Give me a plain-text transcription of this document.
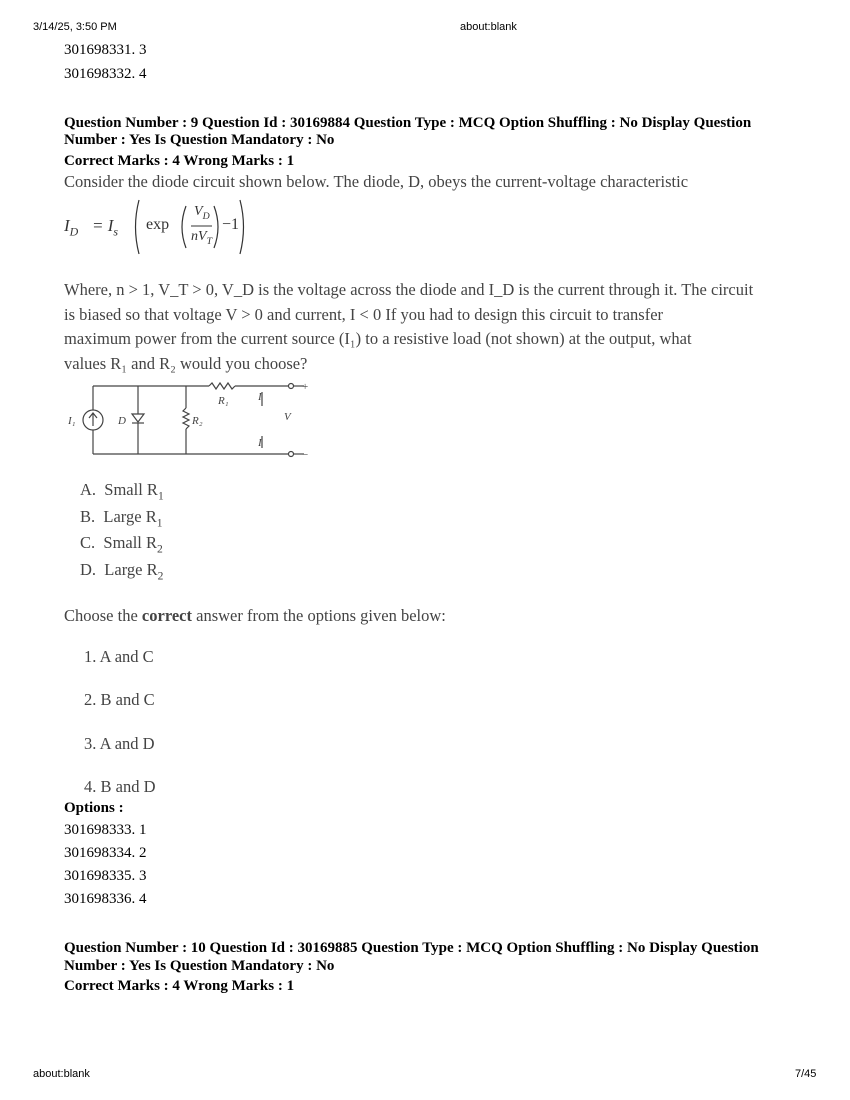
3/14/25, 3:50 PM	about:blank
about:blank	7/45
301698331. 3
301698332. 4
Question Number : 9 Question Id : 30169884 Question Type : MCQ Option Shuffling : No Display Question
Number : Yes Is Question Mandatory : No
Correct Marks : 4 Wrong Marks : 1
Consider the diode circuit shown below. The diode, D, obeys the current-voltage characteristic
$I_D = I_s$ exp
$V_D$
$nV_T$
−1
Where, n > 1, V_T > 0, V_D is the voltage across the diode and I_D is the current through it. The circuit
is biased so that voltage V > 0 and current, I < 0 If you had to design this circuit to transfer
maximum power from the current source (I₁) to a resistive load (not shown) at the output, what
values R₁ and R₂ would you choose?
I₁	D	R₂
R₁	I
I
V
+
−
A. Small $R_1$
B. Large $R_1$
C. Small $R_2$
D. Large $R_2$
Choose the correct answer from the options given below:
1. A and C
2. B and C
3. A and D
4. B and D
Options :
301698333. 1
301698334. 2
301698335. 3
301698336. 4
Question Number : 10 Question Id : 30169885 Question Type : MCQ Option Shuffling : No Display Question
Number : Yes Is Question Mandatory : No
Correct Marks : 4 Wrong Marks : 1
